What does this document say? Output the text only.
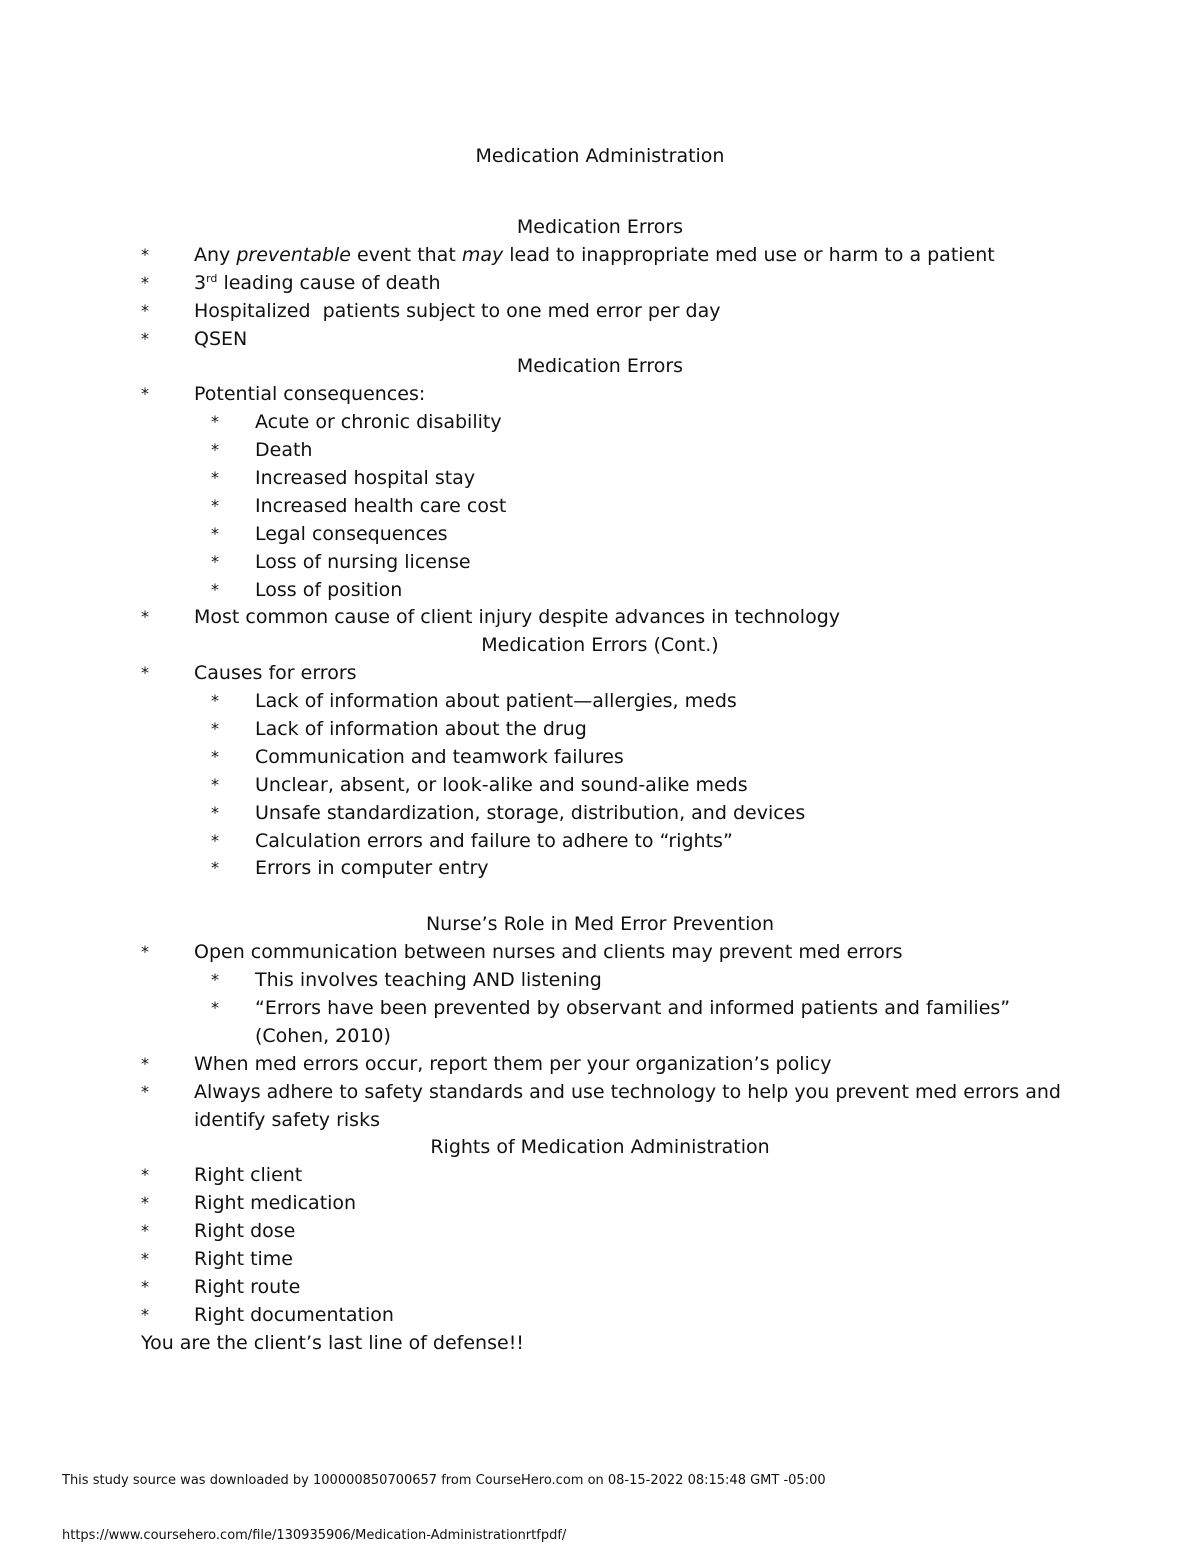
Medication Administration
Medication Errors
* Any preventable event that may lead to inappropriate med use or harm to a patient
* 3rd leading cause of death
* Hospitalized  patients subject to one med error per day
* QSEN
Medication Errors
* Potential consequences:
* Acute or chronic disability
* Death
* Increased hospital stay
* Increased health care cost
* Legal consequences
* Loss of nursing license
* Loss of position
* Most common cause of client injury despite advances in technology
Medication Errors (Cont.)
* Causes for errors
* Lack of information about patient—allergies, meds
* Lack of information about the drug
* Communication and teamwork failures
* Unclear, absent, or look-alike and sound-alike meds
* Unsafe standardization, storage, distribution, and devices
* Calculation errors and failure to adhere to “rights”
* Errors in computer entry
Nurse’s Role in Med Error Prevention
* Open communication between nurses and clients may prevent med errors
* This involves teaching AND listening
* “Errors have been prevented by observant and informed patients and families”
(Cohen, 2010)
* When med errors occur, report them per your organization’s policy
* Always adhere to safety standards and use technology to help you prevent med errors and
identify safety risks
Rights of Medication Administration
* Right client
* Right medication
* Right dose
* Right time
* Right route
* Right documentation
You are the client’s last line of defense!!
This study source was downloaded by 100000850700657 from CourseHero.com on 08-15-2022 08:15:48 GMT -05:00
https://www.coursehero.com/file/130935906/Medication-Administrationrtfpdf/
